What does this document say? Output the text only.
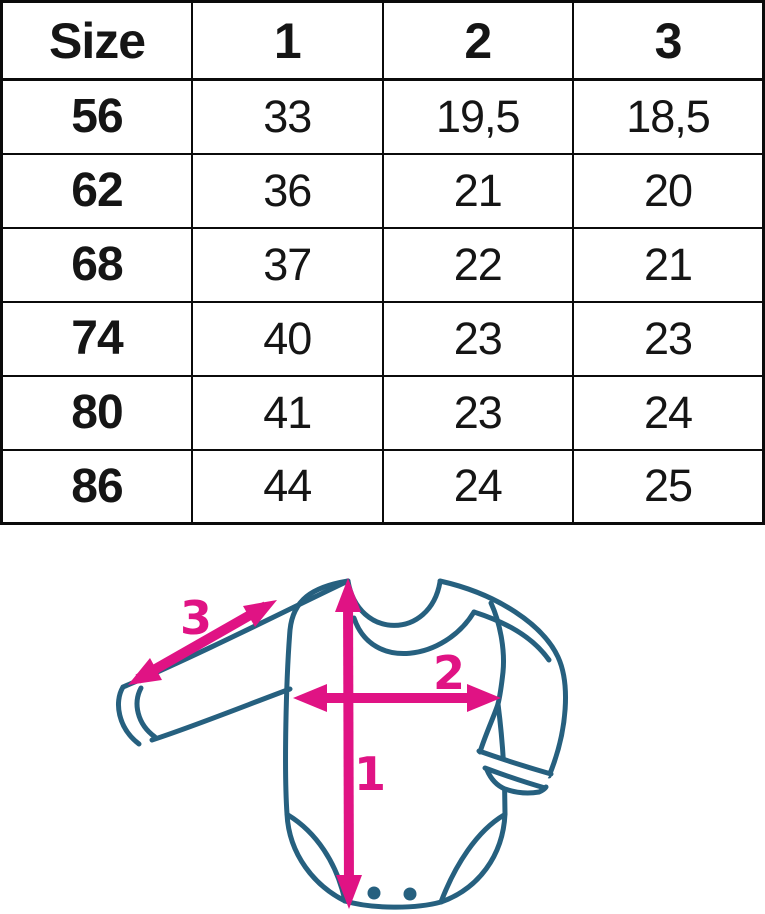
Size	1	2	3
56	33	19,5	18,5
62	36	21	20
68	37	22	21
74	40	23	23
80	41	23	24
86	44	24	25
1
2
3
